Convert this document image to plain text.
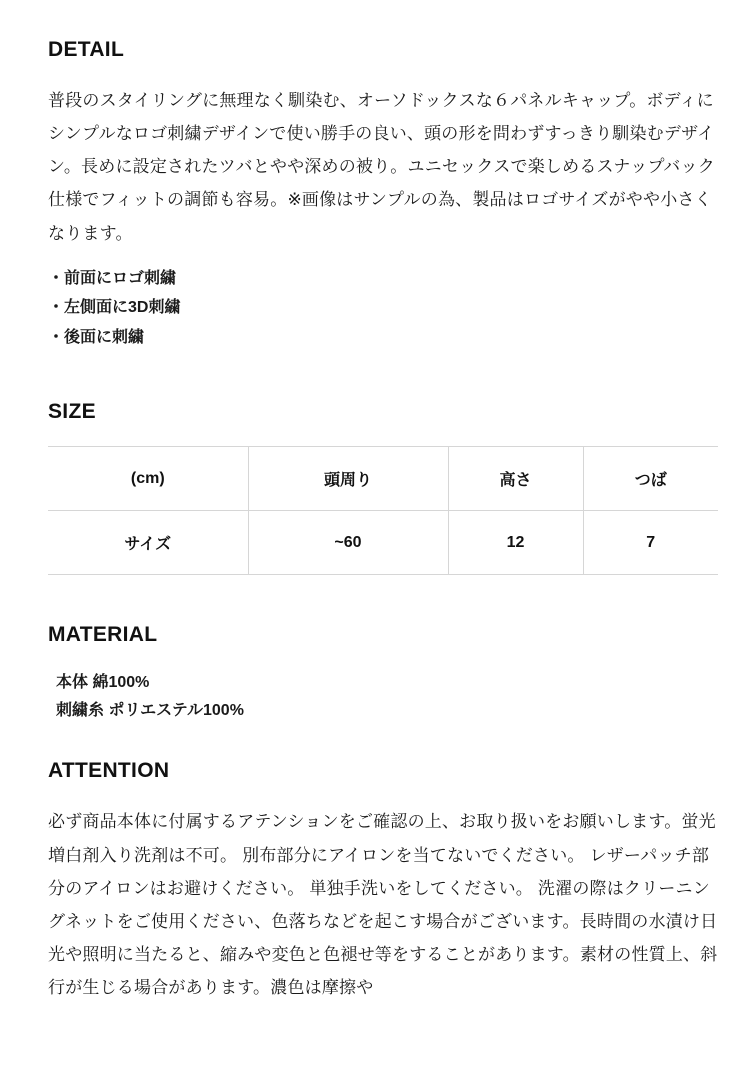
DETAIL

普段のスタイリングに無理なく馴染む、オーソドックスな６パネルキャップ。ボディにシンプルなロゴ刺繍デザインで使い勝手の良い、頭の形を問わずすっきり馴染むデザイン。長めに設定されたツバとやや深めの被り。ユニセックスで楽しめるスナップバック仕様でフィットの調節も容易。※画像はサンプルの為、製品はロゴサイズがやや小さくなります。

・前面にロゴ刺繍
・左側面に3D刺繍
・後面に刺繍
SIZE
(cm)	頭周り	高さ	つば
サイズ	~60	12	7
MATERIAL
本体 綿100%
刺繍糸 ポリエステル100%
ATTENTION

必ず商品本体に付属するアテンションをご確認の上、お取り扱いをお願いします。蛍光増白剤入り洗剤は不可。 別布部分にアイロンを当てないでください。 レザーパッチ部分のアイロンはお避けください。 単独手洗いをしてください。 洗濯の際はクリーニングネットをご使用ください、色落ちなどを起こす場合がございます。長時間の水漬け日光や照明に当たると、縮みや変色と色褪せ等をすることがあります。素材の性質上、斜行が生じる場合があります。濃色は摩擦や
